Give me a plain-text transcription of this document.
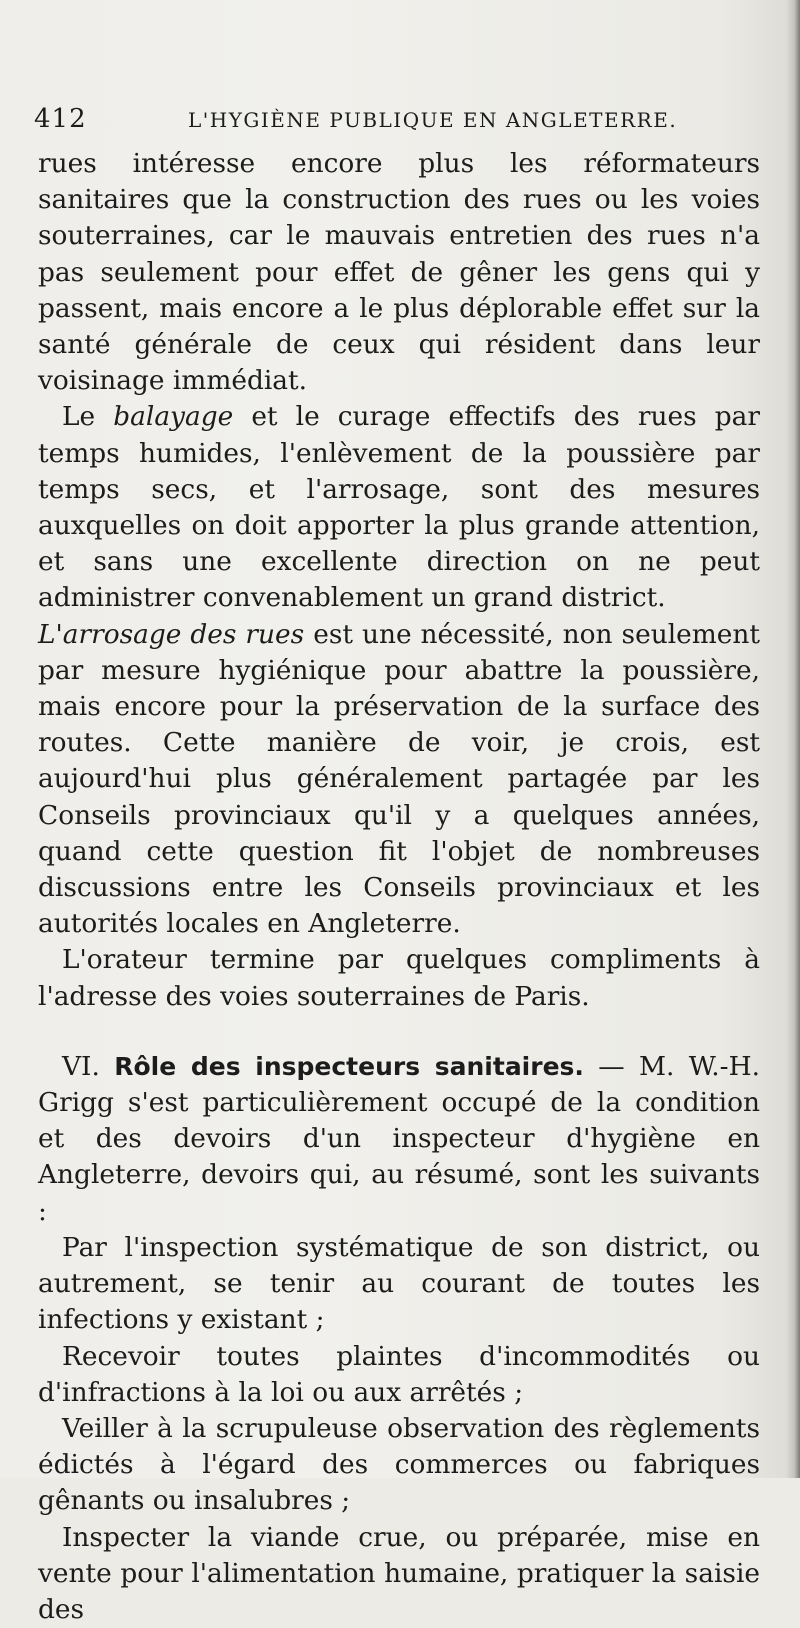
412	L'HYGIÈNE PUBLIQUE EN ANGLETERRE.

rues intéresse encore plus les réformateurs sanitaires que la construction des rues ou les voies souterraines, car le mauvais entretien des rues n'a pas seulement pour effet de gêner les gens qui y passent, mais encore a le plus déplorable effet sur la santé générale de ceux qui résident dans leur voisinage immédiat.

Le balayage et le curage effectifs des rues par temps humides, l'enlèvement de la poussière par temps secs, et l'arrosage, sont des mesures auxquelles on doit apporter la plus grande attention, et sans une excellente direction on ne peut administrer convenablement un grand district.

L'arrosage des rues est une nécessité, non seulement par mesure hygiénique pour abattre la poussière, mais encore pour la préservation de la surface des routes. Cette manière de voir, je crois, est aujourd'hui plus généralement partagée par les Conseils provinciaux qu'il y a quelques années, quand cette question fit l'objet de nombreuses discussions entre les Conseils provinciaux et les autorités locales en Angleterre.

L'orateur termine par quelques compliments à l'adresse des voies souterraines de Paris.

VI. Rôle des inspecteurs sanitaires. — M. W.-H. Grigg s'est particulièrement occupé de la condition et des devoirs d'un inspecteur d'hygiène en Angleterre, devoirs qui, au résumé, sont les suivants :

Par l'inspection systématique de son district, ou autrement, se tenir au courant de toutes les infections y existant ;

Recevoir toutes plaintes d'incommodités ou d'infractions à la loi ou aux arrêtés ;

Veiller à la scrupuleuse observation des règlements édictés à l'égard des commerces ou fabriques gênants ou insalubres ;

Inspecter la viande crue, ou préparée, mise en vente pour l'alimentation humaine, pratiquer la saisie des
